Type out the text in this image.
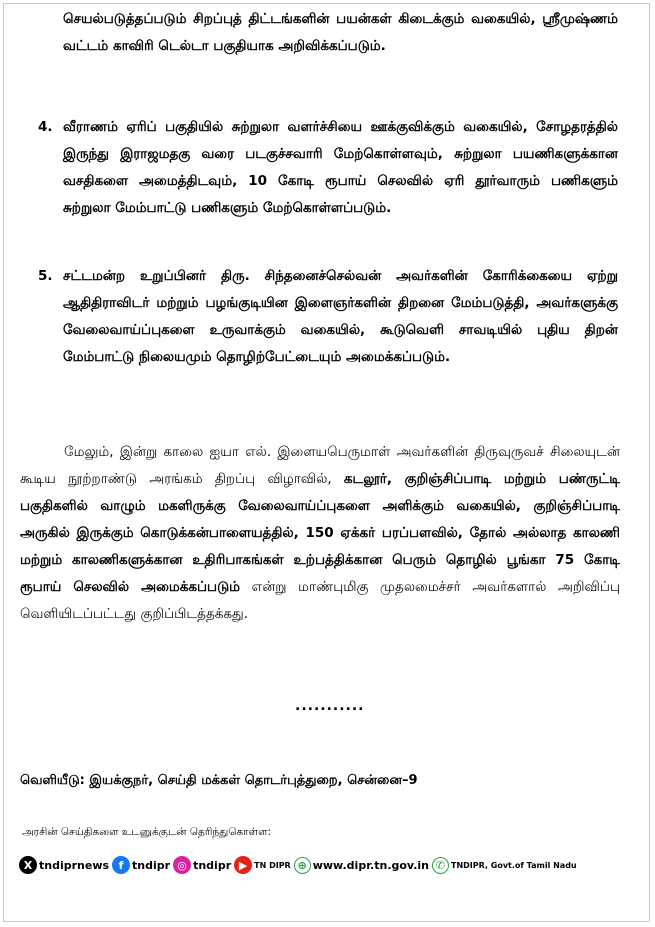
செயல்படுத்தப்படும் சிறப்புத் திட்டங்களின் பயன்கள் கிடைக்கும் வகையில், ஸ்ரீமுஷ்ணம் வட்டம் காவிரி டெல்டா பகுதியாக அறிவிக்கப்படும்.

4. வீராணம் ஏரிப் பகுதியில் சுற்றுலா வளர்ச்சியை ஊக்குவிக்கும் வகையில், சோழதரத்தில் இருந்து இராஜமதகு வரை படகுச்சவாரி மேற்கொள்ளவும், சுற்றுலா பயணிகளுக்கான வசதிகளை அமைத்திடவும், 10 கோடி ரூபாய் செலவில் ஏரி தூர்வாரும் பணிகளும் சுற்றுலா மேம்பாட்டு பணிகளும் மேற்கொள்ளப்படும்.

5. சட்டமன்ற உறுப்பினர் திரு. சிந்தனைச்செல்வன் அவர்களின் கோரிக்கையை ஏற்று ஆதிதிராவிடர் மற்றும் பழங்குடியின இளைஞர்களின் திறனை மேம்படுத்தி, அவர்களுக்கு வேலைவாய்ப்புகளை உருவாக்கும் வகையில், கூடுவெளி சாவடியில் புதிய திறன் மேம்பாட்டு நிலையமும் தொழிற்பேட்டையும் அமைக்கப்படும்.

மேலும், இன்று காலை ஐயா எல். இளையபெருமாள் அவர்களின் திருவுருவச் சிலையுடன் கூடிய நூற்றாண்டு அரங்கம் திறப்பு விழாவில், கடலூர், குறிஞ்சிப்பாடி மற்றும் பண்ருட்டி பகுதிகளில் வாழும் மகளிருக்கு வேலைவாய்ப்புகளை அளிக்கும் வகையில், குறிஞ்சிப்பாடி அருகில் இருக்கும் கொடுக்கன்பாளையத்தில், 150 ஏக்கர் பரப்பளவில், தோல் அல்லாத காலணி மற்றும் காலணிகளுக்கான உதிரிபாகங்கள் உற்பத்திக்கான பெரும் தொழில் பூங்கா 75 கோடி ரூபாய் செலவில் அமைக்கப்படும் என்று மாண்புமிகு முதலமைச்சர் அவர்களால் அறிவிப்பு வெளியிடப்பட்டது குறிப்பிடத்தக்கது.

...........
வெளியீடு: இயக்குநர், செய்தி மக்கள் தொடர்புத்துறை, சென்னை–9
அரசின் செய்திகளை உடனுக்குடன் தெரிந்துகொள்ள:
X tndiprnews f tndipr ◎ tndipr ▶ TN DIPR ⊕ www.dipr.tn.gov.in ✆ TNDIPR, Govt.of Tamil Nadu
